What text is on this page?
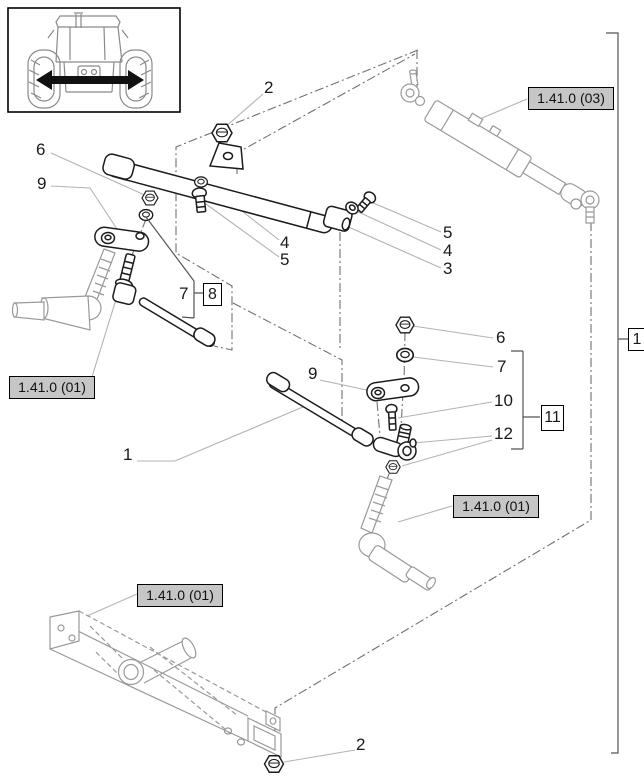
2
6
9
4
5
5
4
3
7
6
7
9
10
12
1
2
8
11
1
1.41.0 (03)
1.41.0 (01)
1.41.0 (01)
1.41.0 (01)
